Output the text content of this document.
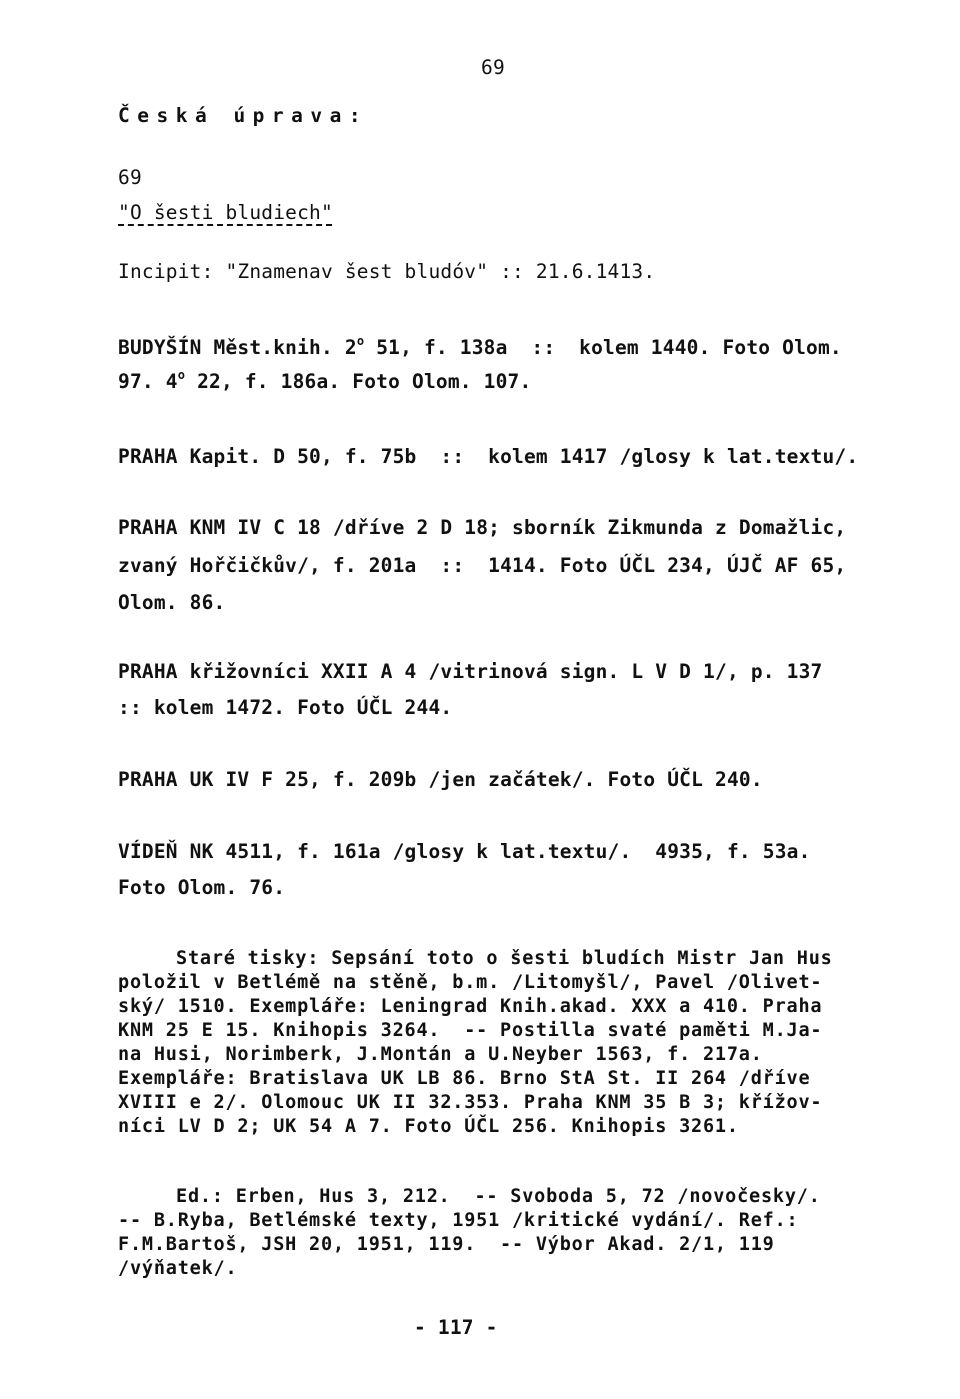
69
Česká úprava:
69
"O šesti bludiech"
Incipit: "Znamenav šest bludóv" :: 21.6.1413.
BUDYŠÍN Měst.knih. 2$^o$ 51, f. 138a  ::  kolem 1440. Foto Olom.
97. 4$^o$ 22, f. 186a. Foto Olom. 107.
PRAHA Kapit. D 50, f. 75b  ::  kolem 1417 /glosy k lat.textu/.
PRAHA KNM IV C 18 /dříve 2 D 18; sborník Zikmunda z Domažlic,
zvaný Hořčičkův/, f. 201a  ::  1414. Foto ÚČL 234, ÚJČ AF 65,
Olom. 86.
PRAHA křižovníci XXII A 4 /vitrinová sign. L V D 1/, p. 137
:: kolem 1472. Foto ÚČL 244.
PRAHA UK IV F 25, f. 209b /jen začátek/. Foto ÚČL 240.
VÍDEŇ NK 4511, f. 161a /glosy k lat.textu/.  4935, f. 53a.
Foto Olom. 76.
Staré tisky: Sepsání toto o šesti bludích Mistr Jan Hus
položil v Betlémě na stěně, b.m. /Litomyšl/, Pavel /Olivet-
ský/ 1510. Exempláře: Leningrad Knih.akad. XXX a 410. Praha
KNM 25 E 15. Knihopis 3264.  -- Postilla svaté paměti M.Ja-
na Husi, Norimberk, J.Montán a U.Neyber 1563, f. 217a.
Exempláře: Bratislava UK LB 86. Brno StA St. II 264 /dříve
XVIII e 2/. Olomouc UK II 32.353. Praha KNM 35 B 3; křížov-
níci LV D 2; UK 54 A 7. Foto ÚČL 256. Knihopis 3261.
Ed.: Erben, Hus 3, 212.  -- Svoboda 5, 72 /novočesky/.
-- B.Ryba, Betlémské texty, 1951 /kritické vydání/. Ref.:
F.M.Bartoš, JSH 20, 1951, 119.  -- Výbor Akad. 2/1, 119
/výňatek/.
- 117 -
